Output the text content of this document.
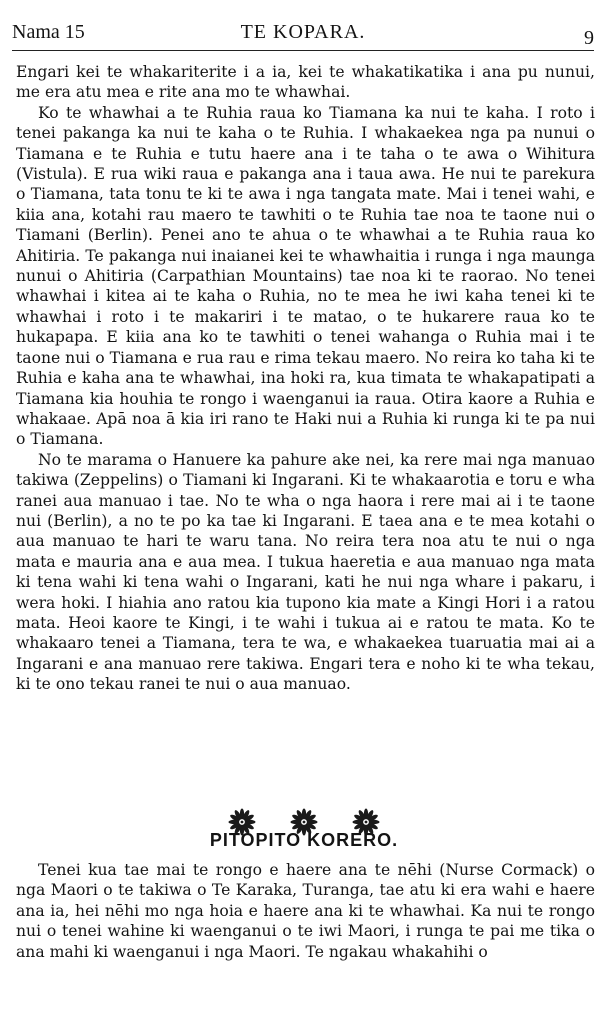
Nama 15	TE KOPARA.	9

Engari kei te whakariterite i a ia, kei te whakatikatika i ana pu nunui, me era atu mea e rite ana mo te whawhai.

Ko te whawhai a te Ruhia raua ko Tiamana ka nui te kaha. I roto i tenei pakanga ka nui te kaha o te Ruhia. I whakaekea nga pa nunui o Tiamana e te Ruhia e tutu haere ana i te taha o te awa o Wihitura (Vistula). E rua wiki raua e pakanga ana i taua awa. He nui te parekura o Tiamana, tata tonu te ki te awa i nga tangata mate. Mai i tenei wahi, e kiia ana, kotahi rau maero te tawhiti o te Ruhia tae noa te taone nui o Tiamani (Berlin). Penei ano te ahua o te whawhai a te Ruhia raua ko Ahitiria. Te pakanga nui inaianei kei te whawhaitia i runga i nga maunga nunui o Ahitiria (Carpathian Mountains) tae noa ki te raorao. No tenei whawhai i kitea ai te kaha o Ruhia, no te mea he iwi kaha tenei ki te whawhai i roto i te makariri i te matao, o te hukarere raua ko te hukapapa. E kiia ana ko te tawhiti o tenei wahanga o Ruhia mai i te taone nui o Tiamana e rua rau e rima tekau maero. No reira ko taha ki te Ruhia e kaha ana te whawhai, ina hoki ra, kua timata te whakapatipati a Tiamana kia houhia te rongo i waenganui ia raua. Otira kaore a Ruhia e whakaae. Apā noa ā kia iri rano te Haki nui a Ruhia ki runga ki te pa nui o Tiamana.

No te marama o Hanuere ka pahure ake nei, ka rere mai nga manuao takiwa (Zeppelins) o Tiamani ki Ingarani. Ki te whakaarotia e toru e wha ranei aua manuao i tae. No te wha o nga haora i rere mai ai i te taone nui (Berlin), a no te po ka tae ki Ingarani. E taea ana e te mea kotahi o aua manuao te hari te waru tana. No reira tera noa atu te nui o nga mata e mauria ana e aua mea. I tukua haeretia e aua manuao nga mata ki tena wahi ki tena wahi o Ingarani, kati he nui nga whare i pakaru, i wera hoki. I hiahia ano ratou kia tupono kia mate a Kingi Hori i a ratou mata. Heoi kaore te Kingi, i te wahi i tukua ai e ratou te mata. Ko te whakaaro tenei a Tiamana, tera te wa, e whakaekea tuaruatia mai ai a Ingarani e ana manuao rere takiwa. Engari tera e noho ki te wha tekau, ki te ono tekau ranei te nui o aua manuao.

PITOPITO KORERO.

Tenei kua tae mai te rongo e haere ana te nēhi (Nurse Cormack) o nga Maori o te takiwa o Te Karaka, Turanga, tae atu ki era wahi e haere ana ia, hei nēhi mo nga hoia e haere ana ki te whawhai. Ka nui te rongo nui o tenei wahine ki waenganui o te iwi Maori, i runga te pai me tika o ana mahi ki waenganui i nga Maori. Te ngakau whakahihi o
